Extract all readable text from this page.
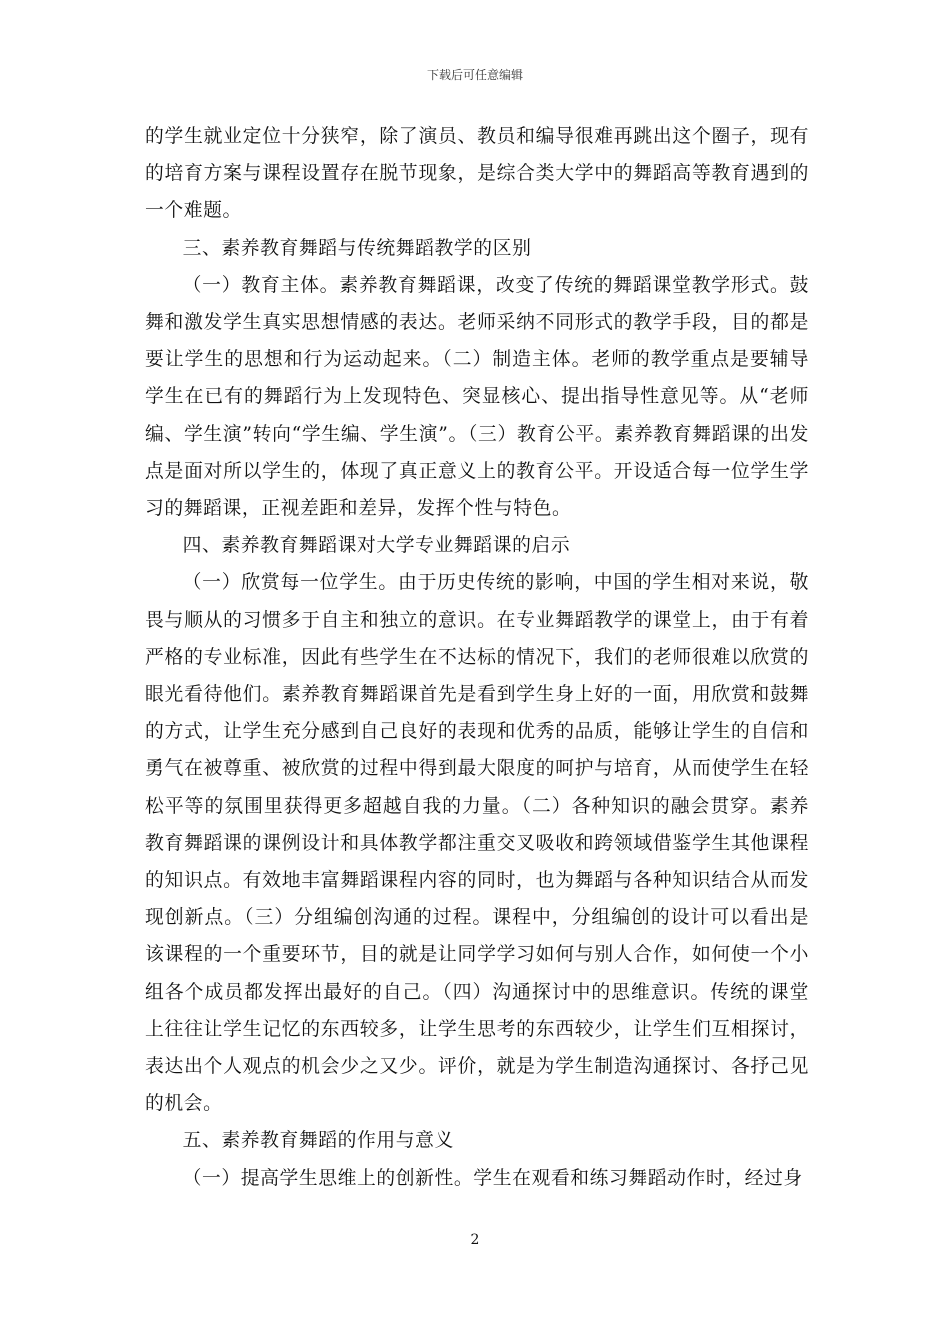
下载后可任意编辑

的学生就业定位十分狭窄，除了演员、教员和编导很难再跳出这个圈子，现有的培育方案与课程设置存在脱节现象，是综合类大学中的舞蹈高等教育遇到的一个难题。

三、素养教育舞蹈与传统舞蹈教学的区别

（一）教育主体。素养教育舞蹈课，改变了传统的舞蹈课堂教学形式。鼓舞和激发学生真实思想情感的表达。老师采纳不同形式的教学手段，目的都是要让学生的思想和行为运动起来。（二）制造主体。老师的教学重点是要辅导学生在已有的舞蹈行为上发现特色、突显核心、提出指导性意见等。从“老师编、学生演”转向“学生编、学生演”。（三）教育公平。素养教育舞蹈课的出发点是面对所以学生的，体现了真正意义上的教育公平。开设适合每一位学生学习的舞蹈课，正视差距和差异，发挥个性与特色。

四、素养教育舞蹈课对大学专业舞蹈课的启示

（一）欣赏每一位学生。由于历史传统的影响，中国的学生相对来说，敬畏与顺从的习惯多于自主和独立的意识。在专业舞蹈教学的课堂上，由于有着严格的专业标准，因此有些学生在不达标的情况下，我们的老师很难以欣赏的眼光看待他们。素养教育舞蹈课首先是看到学生身上好的一面，用欣赏和鼓舞的方式，让学生充分感到自己良好的表现和优秀的品质，能够让学生的自信和勇气在被尊重、被欣赏的过程中得到最大限度的呵护与培育，从而使学生在轻松平等的氛围里获得更多超越自我的力量。（二）各种知识的融会贯穿。素养教育舞蹈课的课例设计和具体教学都注重交叉吸收和跨领域借鉴学生其他课程的知识点。有效地丰富舞蹈课程内容的同时，也为舞蹈与各种知识结合从而发现创新点。（三）分组编创沟通的过程。课程中，分组编创的设计可以看出是该课程的一个重要环节，目的就是让同学学习如何与别人合作，如何使一个小组各个成员都发挥出最好的自己。（四）沟通探讨中的思维意识。传统的课堂上往往让学生记忆的东西较多，让学生思考的东西较少，让学生们互相探讨，表达出个人观点的机会少之又少。评价，就是为学生制造沟通探讨、各抒己见的机会。

五、素养教育舞蹈的作用与意义

（一）提高学生思维上的创新性。学生在观看和练习舞蹈动作时，经过身

2
